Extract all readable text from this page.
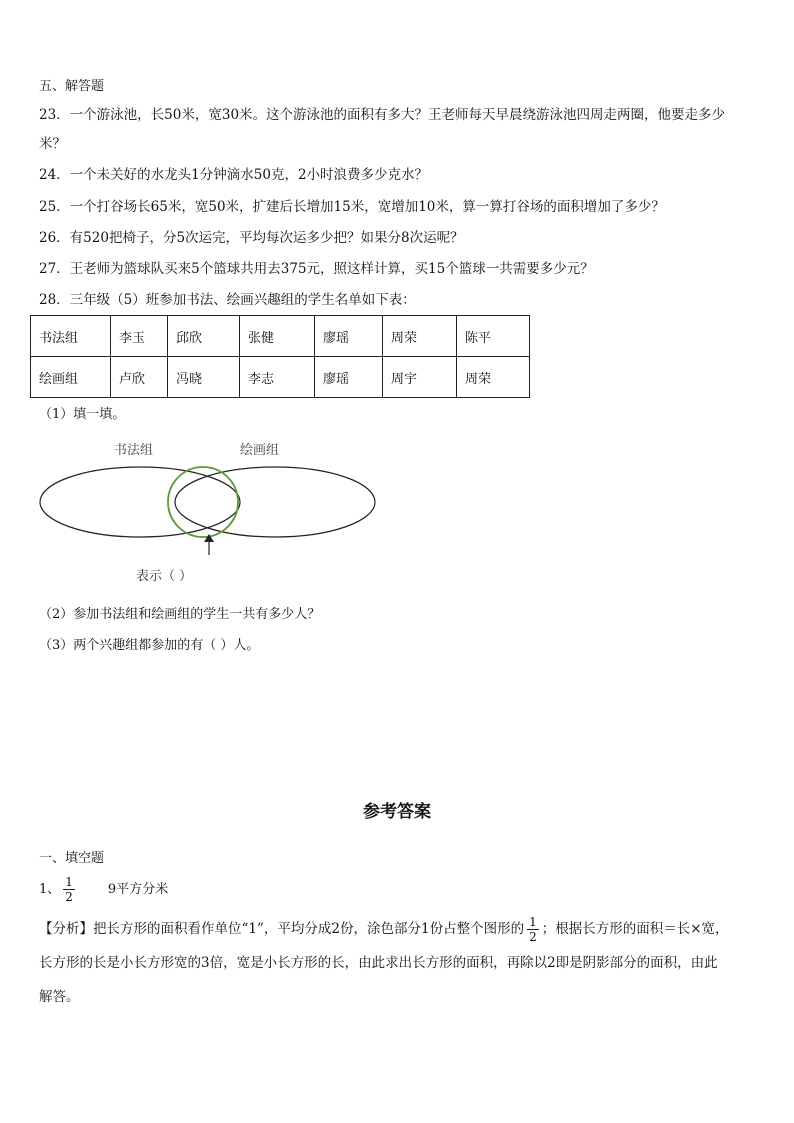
五、解答题
23．一个游泳池，长50米，宽30米。这个游泳池的面积有多大？王老师每天早晨绕游泳池四周走两圈，他要走多少
米？
24．一个未关好的水龙头1分钟滴水50克，2小时浪费多少克水？
25．一个打谷场长65米，宽50米，扩建后长增加15米，宽增加10米，算一算打谷场的面积增加了多少？
26．有520把椅子，分5次运完，平均每次运多少把？如果分8次运呢？
27．王老师为篮球队买来5个篮球共用去375元，照这样计算，买15个篮球一共需要多少元？
28．三年级（5）班参加书法、绘画兴趣组的学生名单如下表：
书法组	李玉	邱欣	张健	廖瑶	周荣	陈平
绘画组	卢欣	冯晓	李志	廖瑶	周宇	周荣
（1）填一填。
书法组	绘画组
表示（ ）
（2）参加书法组和绘画组的学生一共有多少人？
（3）两个兴趣组都参加的有（ ）人。
参考答案
一、填空题
1、 $\frac{1}{2}$	9平方分米
【分析】把长方形的面积看作单位“1”，平均分成2份，涂色部分1份占整个图形的 $\frac{1}{2}$ ；根据长方形的面积＝长×宽，
长方形的长是小长方形宽的3倍，宽是小长方形的长，由此求出长方形的面积，再除以2即是阴影部分的面积，由此
解答。
